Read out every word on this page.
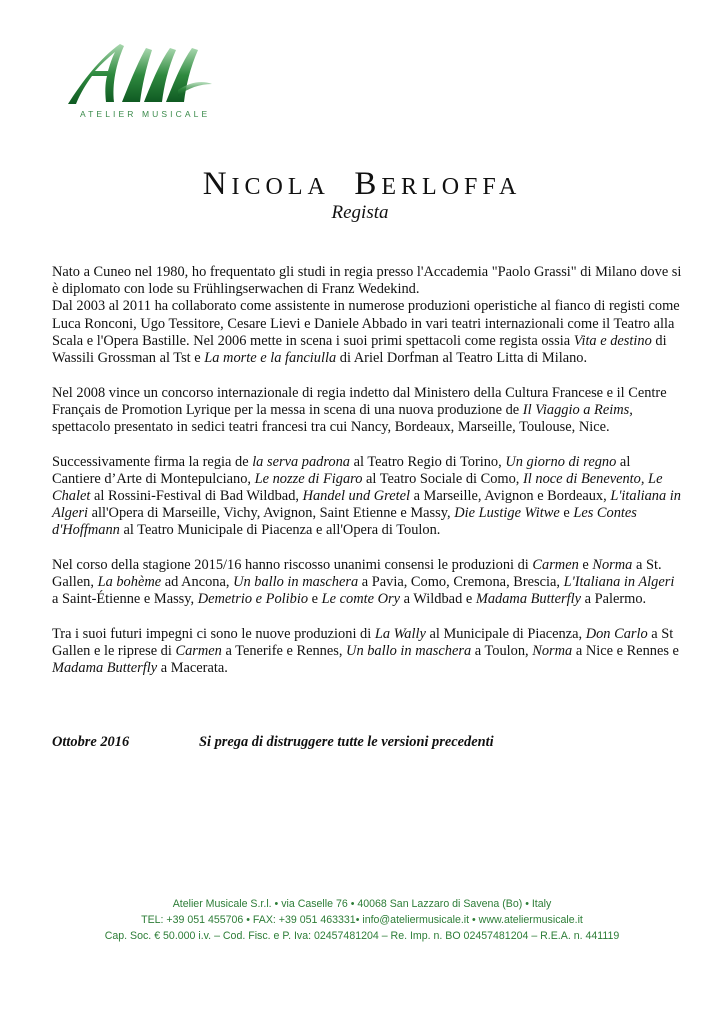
ATELIER MUSICALE
NICOLA BERLOFFA
Regista

Nato a Cuneo nel 1980, ho frequentato gli studi in regia presso l'Accademia "Paolo Grassi" di Milano dove si è diplomato con lode su Frühlingserwachen di Franz Wedekind.

Dal 2003 al 2011 ha collaborato come assistente in numerose produzioni operistiche al fianco di registi come Luca Ronconi, Ugo Tessitore, Cesare Lievi e Daniele Abbado in vari teatri internazionali come il Teatro alla Scala e l'Opera Bastille. Nel 2006 mette in scena i suoi primi spettacoli come regista ossia Vita e destino di Wassili Grossman al Tst e La morte e la fanciulla di Ariel Dorfman al Teatro Litta di Milano.

Nel 2008 vince un concorso internazionale di regia indetto dal Ministero della Cultura Francese e il Centre Français de Promotion Lyrique per la messa in scena di una nuova produzione de Il Viaggio a Reims, spettacolo presentato in sedici teatri francesi tra cui Nancy, Bordeaux, Marseille, Toulouse, Nice.

Successivamente firma la regia de la serva padrona al Teatro Regio di Torino, Un giorno di regno al Cantiere d’Arte di Montepulciano, Le nozze di Figaro al Teatro Sociale di Como, Il noce di Benevento, Le Chalet al Rossini-Festival di Bad Wildbad, Handel und Gretel a Marseille, Avignon e Bordeaux, L'italiana in Algeri all'Opera di Marseille, Vichy, Avignon, Saint Etienne e Massy, Die Lustige Witwe e Les Contes d'Hoffmann al Teatro Municipale di Piacenza e all'Opera di Toulon.

Nel corso della stagione 2015/16 hanno riscosso unanimi consensi le produzioni di Carmen e Norma a St. Gallen, La bohème ad Ancona, Un ballo in maschera a Pavia, Como, Cremona, Brescia, L'Italiana in Algeri a Saint-Étienne e Massy, Demetrio e Polibio e Le comte Ory a Wildbad e Madama Butterfly a Palermo.

Tra i suoi futuri impegni ci sono le nuove produzioni di La Wally al Municipale di Piacenza, Don Carlo a St Gallen e le riprese di Carmen a Tenerife e Rennes, Un ballo in maschera a Toulon, Norma a Nice e Rennes e Madama Butterfly a Macerata.

Ottobre 2016	Si prega di distruggere tutte le versioni precedenti
Atelier Musicale S.r.l. • via Caselle 76 • 40068 San Lazzaro di Savena (Bo) • Italy
TEL: +39 051 455706 • FAX: +39 051 463331• info@ateliermusicale.it • www.ateliermusicale.it
Cap. Soc. € 50.000 i.v. – Cod. Fisc. e P. Iva: 02457481204 – Re. Imp. n. BO 02457481204 – R.E.A. n. 441119
